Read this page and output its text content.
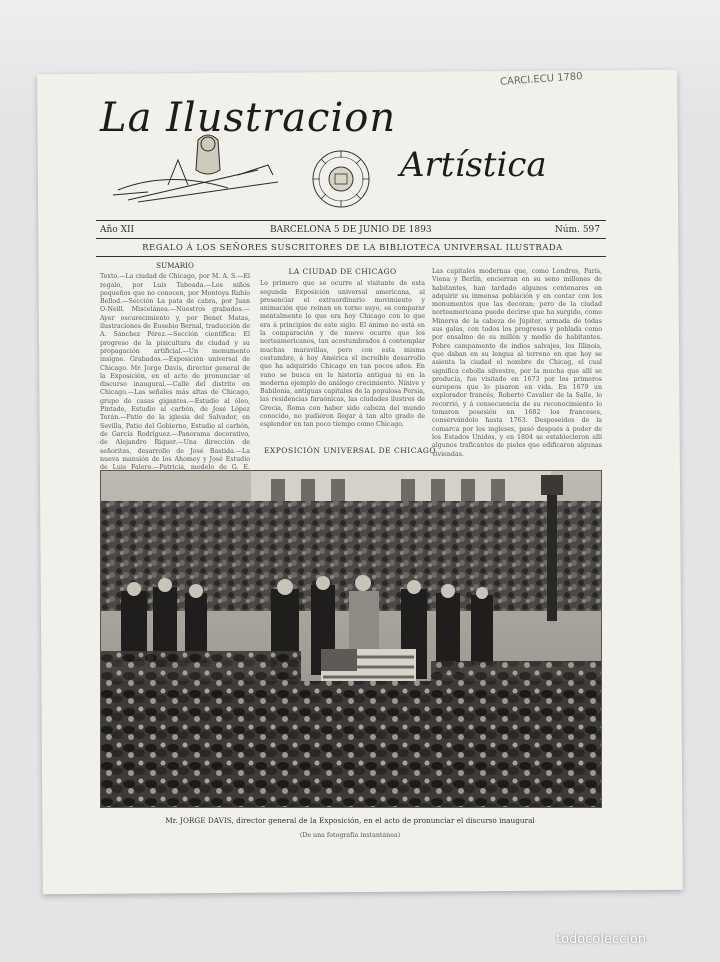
CARCI.ECU 1780
La Ilustracion
Artística
Año XII	BARCELONA 5 DE JUNIO DE 1893	Núm. 597
REGALO Á LOS SEÑORES SUSCRITORES DE LA BIBLIOTECA UNIVERSAL ILUSTRADA
SUMARIO
Texto.—La ciudad de Chicago, por M. A. S.—El regalo, por Luis Taboada.—Los niños pequeños que no conocen, por Montoya Rubio Bellod.—Sección La pata de cabra, por Juan O-Neill. Miscelánea.—Nuestros grabados.—Ayer oscurecimiento y, por Benet Matas, ilustraciones de Eusebio Bernal, traducción de A. Sánchez Pérez.—Sección científica: El progreso de la pisicultura de ciudad y su propagación artificial.—Un monumento insigne. Grabados.—Exposición universal de Chicago. Mr. Jorge Davis, director general de la Exposición, en el acto de pronunciar el discurso inaugural.—Calle del distrito en Chicago.—Las señales más altas de Chicago, grupo de casas gigantes.—Estudio al óleo, Pintado, Estudio al carbón, de José López Terán.—Patio de la iglesia del Salvador, en Sevilla, Patio del Gobierno, Estudio al carbón, de García Rodríguez.—Panorama decorativo, de Alejandro Riquer.—Una dirección de señoritas, desarrollo de José Bastida.—La nueva mansión de los Ahomey y José Estudio de Luis Falero.—Patricia, modelo de G. E.
LA CIUDAD DE CHICAGO
Lo primero que se ocurre al visitante de esta segunda Exposición universal americana, al presenciar el extraordinario movimiento y animación que reinan en torno suyo, es comparar mentalmente lo que era hoy Chicago con lo que era á principios de este siglo. El ánimo no está en la comparación y de nuevo ocurre que los norteamericanos, tan acostumbrados á contemplar muchas maravillas, pero con esta misma costumbre, á hoy América el increíble desarrollo que ha adquirido Chicago en tan pocos años. En vano se busca en la historia antigua ni en la moderna ejemplo de análogo crecimiento. Nínive y Babilonia, antiguas capitales de la populosa Persia, las residencias faraónicas, las ciudades ilustres de Grecia, Roma con haber sido cabeza del mundo conocido, no pudieron llegar á tan alto grado de esplendor en tan poco tiempo como Chicago.
Las capitales modernas que, como Londres, París, Viena y Berlín, encierran en su seno millones de habitantes, han tardado algunos centenares en adquirir su inmensa población y en contar con los monumentos que las decoran; pero de la ciudad norteamericana puede decirse que ha surgido, como Minerva de la cabeza de Júpiter, armada de todas sus galas, con todos los progresos y poblada como por ensalmo de su millón y medio de habitantes. Pobre campamento de indios salvajes, los Illinois, que daban en su lengua al terreno en que hoy se asienta la ciudad el nombre de Chicag, el cual significa cebolla silvestre, por la mucha que allí se producía, fue visitado en 1673 por los primeros europeos que lo pisaron en vida. En 1679 un explorador francés, Roberto Cavalier de la Salle, lo recorrió, y á consecuencia de su reconocimiento lo tomaron posesión en 1682 los franceses, conservándolo hasta 1763. Desposeídos de la comarca por los ingleses, pasó después á poder de los Estados Unidos, y en 1804 se establecieron allí algunos traficantes de pieles que edificaron algunas viviendas.
EXPOSICIÓN UNIVERSAL DE CHICAGO
Mr. JORGE DAVIS, director general de la Exposición, en el acto de pronunciar el discurso inaugural
(De una fotografía instantánea)
todocoleccion
